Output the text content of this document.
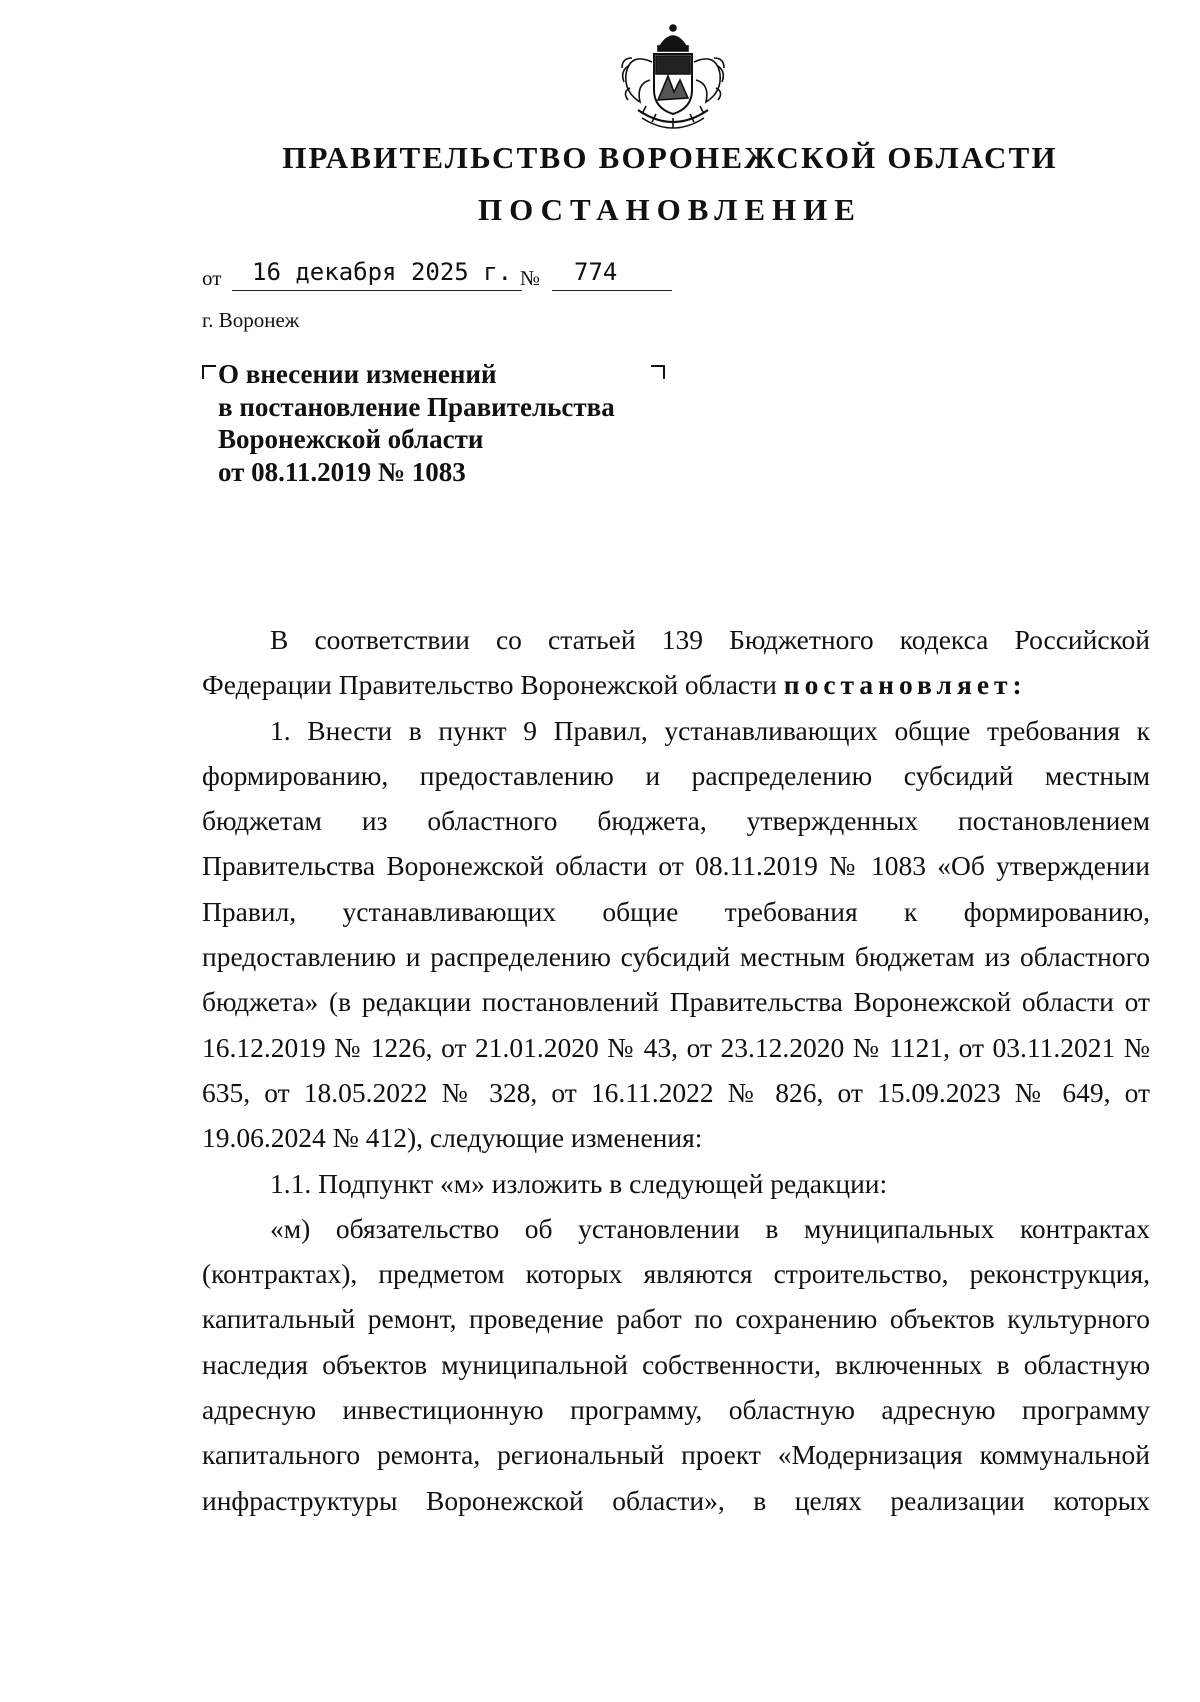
ПРАВИТЕЛЬСТВО ВОРОНЕЖСКОЙ ОБЛАСТИ
ПОСТАНОВЛЕНИЕ
от	16 декабря 2025 г. №	774
г. Воронеж
О внесении изменений
в постановление Правительства
Воронежской области
от 08.11.2019 № 1083

В соответствии со статьей 139 Бюджетного кодекса Российской Федерации Правительство Воронежской области постановляет:

1. Внести в пункт 9 Правил, устанавливающих общие требования к формированию, предоставлению и распределению субсидий местным бюджетам из областного бюджета, утвержденных постановлением Правительства Воронежской области от 08.11.2019 № 1083 «Об утверждении Правил, устанавливающих общие требования к формированию, предоставлению и распределению субсидий местным бюджетам из областного бюджета» (в редакции постановлений Правительства Воронежской области от 16.12.2019 № 1226, от 21.01.2020 № 43, от 23.12.2020 № 1121, от 03.11.2021 № 635, от 18.05.2022 № 328, от 16.11.2022 № 826, от 15.09.2023 № 649, от 19.06.2024 № 412), следующие изменения:

1.1. Подпункт «м» изложить в следующей редакции:

«м) обязательство об установлении в муниципальных контрактах (контрактах), предметом которых являются строительство, реконструкция, капитальный ремонт, проведение работ по сохранению объектов культурного наследия объектов муниципальной собственности, включенных в областную адресную инвестиционную программу, областную адресную программу капитального ремонта, региональный проект «Модернизация коммунальной инфраструктуры Воронежской области», в целях реализации которых
